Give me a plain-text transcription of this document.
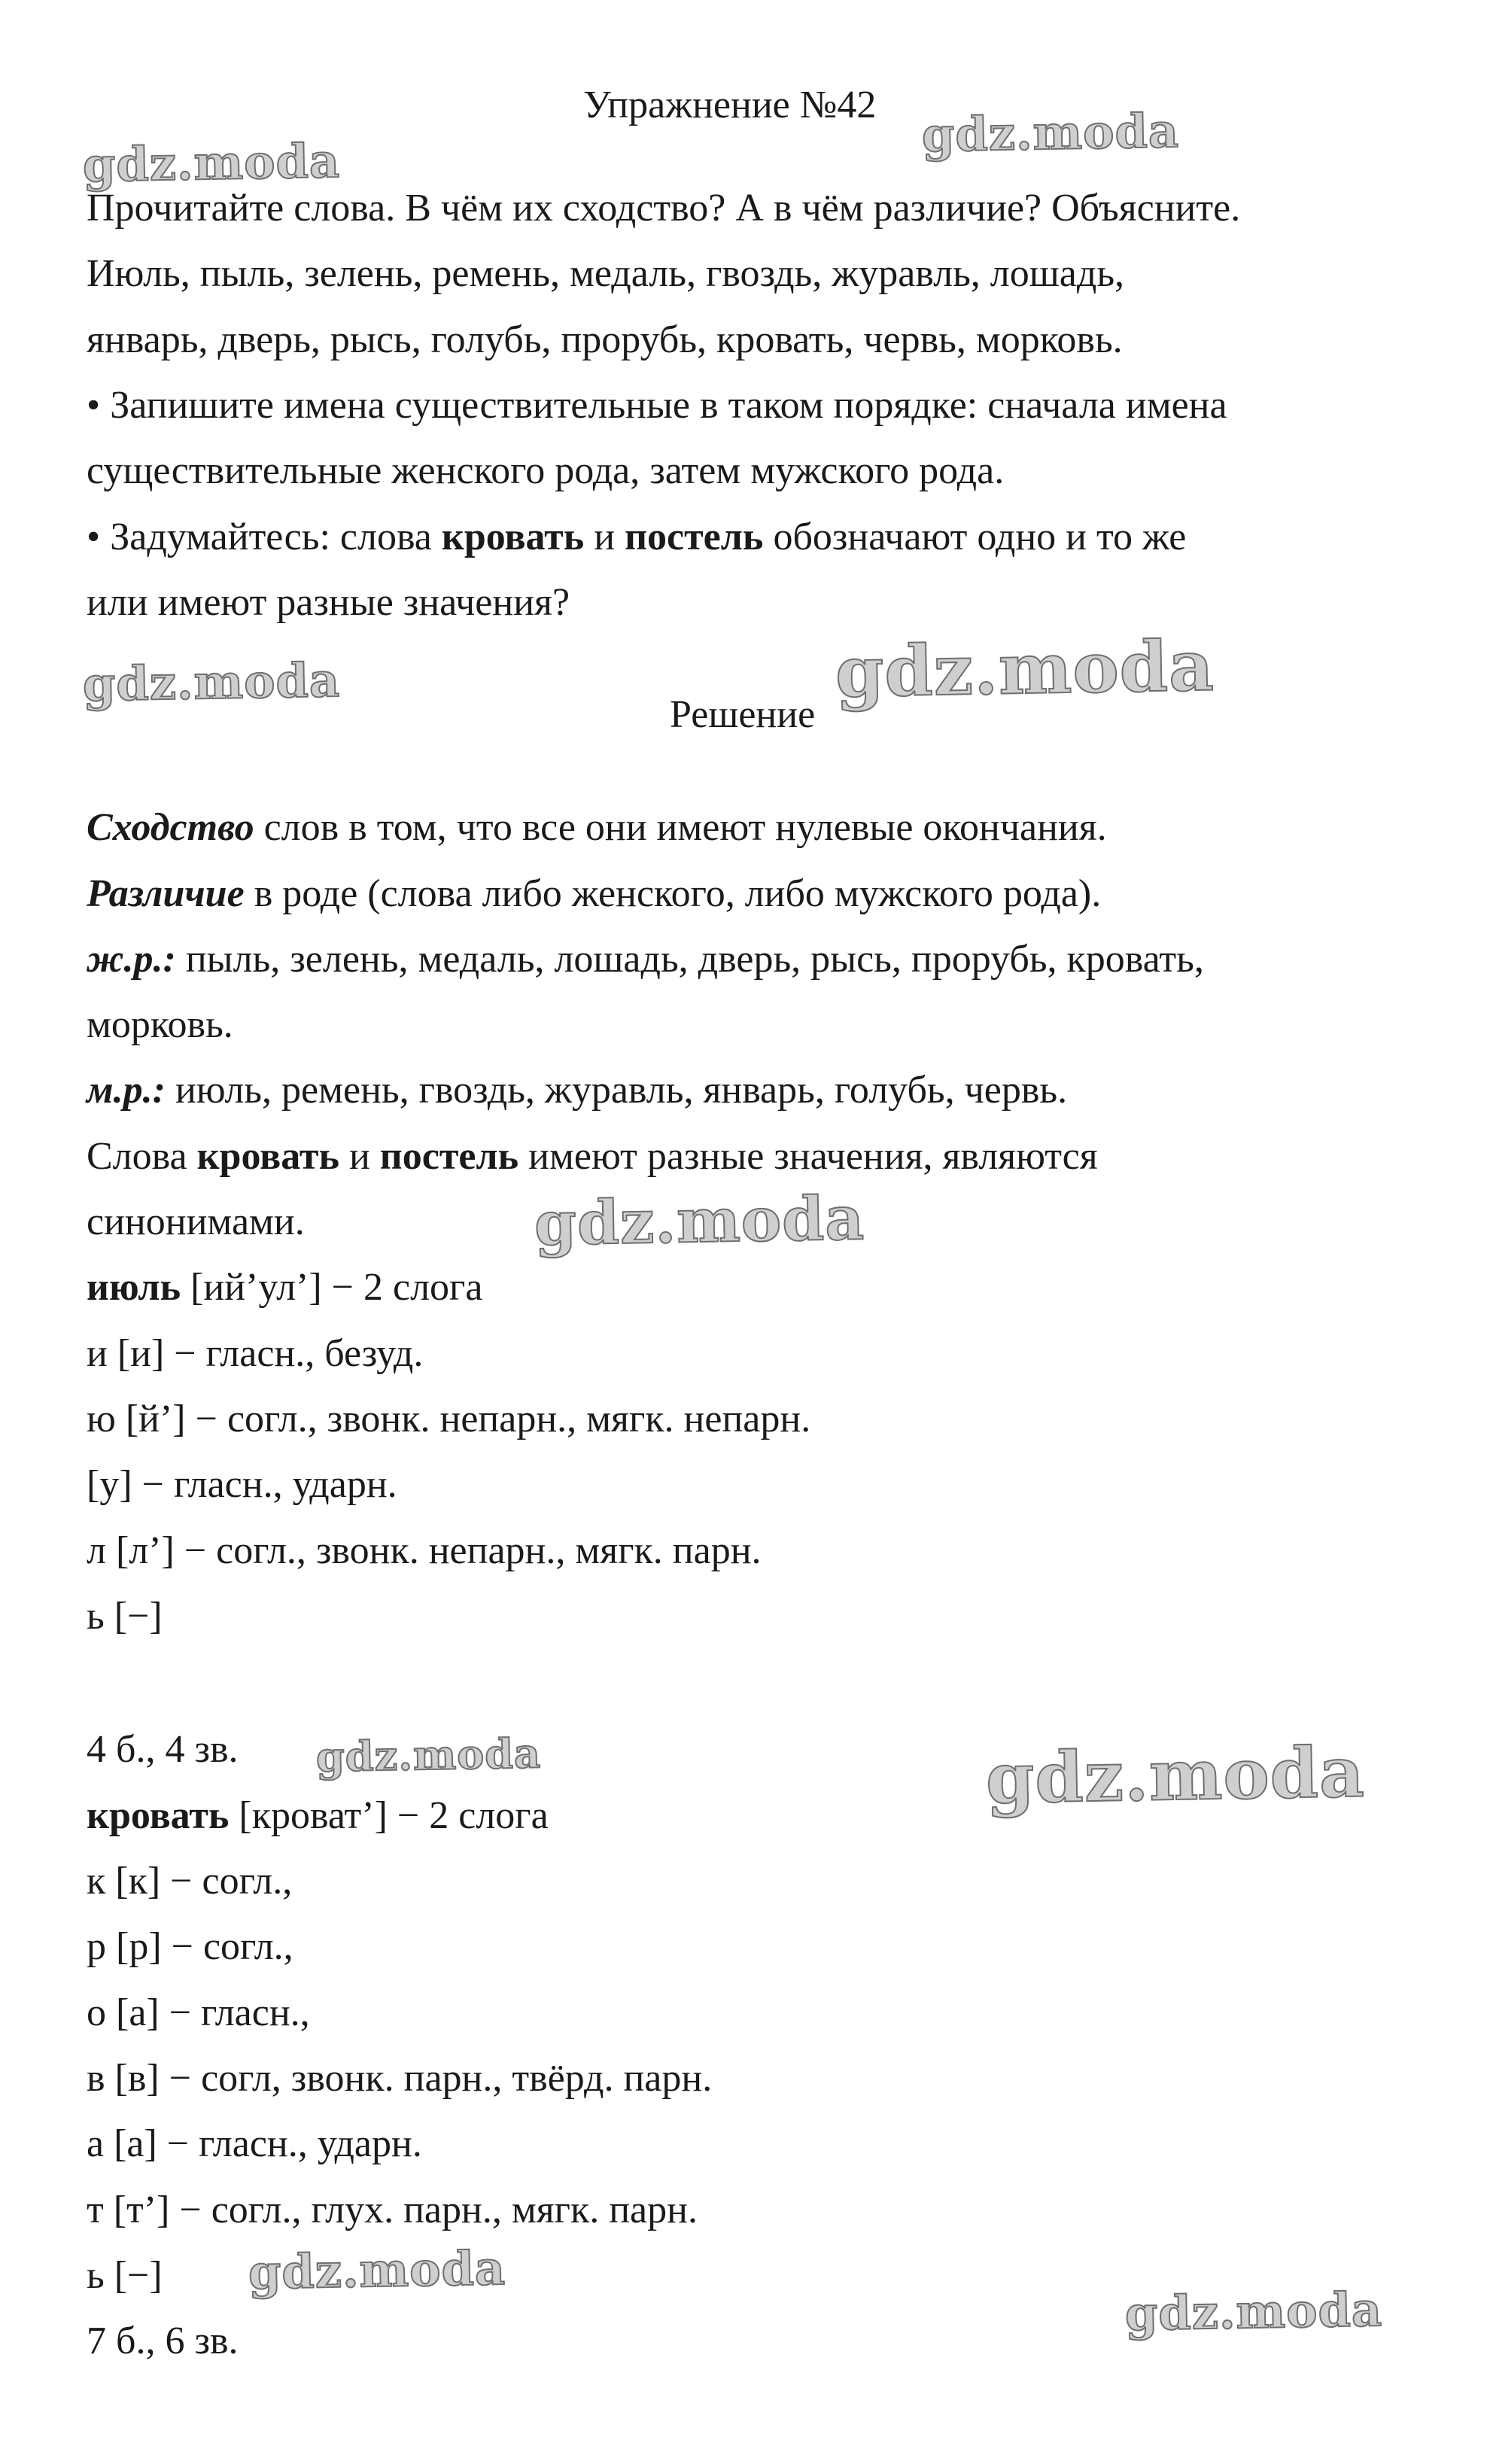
Упражнение №42
Прочитайте слова. В чём их сходство? А в чём различие? Объясните.
Июль, пыль, зелень, ремень, медаль, гвоздь, журавль, лошадь,
январь, дверь, рысь, голубь, прорубь, кровать, червь, морковь.
• Запишите имена существительные в таком порядке: сначала имена
существительные женского рода, затем мужского рода.
• Задумайтесь: слова кровать и постель обозначают одно и то же
или имеют разные значения?
Решение
Сходство слов в том, что все они имеют нулевые окончания.
Различие в роде (слова либо женского, либо мужского рода).
ж.р.: пыль, зелень, медаль, лошадь, дверь, рысь, прорубь, кровать,
морковь.
м.р.: июль, ремень, гвоздь, журавль, январь, голубь, червь.
Слова кровать и постель имеют разные значения, являются
синонимами.
июль [ий’ул’] − 2 слога
и [и] − гласн., безуд.
ю [й’] − согл., звонк. непарн., мягк. непарн.
[у] − гласн., ударн.
л [л’] − согл., звонк. непарн., мягк. парн.
ь [−]
4 б., 4 зв.
кровать [кроват’] − 2 слога
к [к] − согл.,
р [р] − согл.,
о [а] − гласн.,
в [в] − согл, звонк. парн., твёрд. парн.
а [а] − гласн., ударн.
т [т’] − согл., глух. парн., мягк. парн.
ь [−]
7 б., 6 зв.
gdz.moda
gdz.moda
gdz.moda	gdz.moda
gdz.moda
gdz.moda	gdz.moda
gdz.moda
gdz.moda
